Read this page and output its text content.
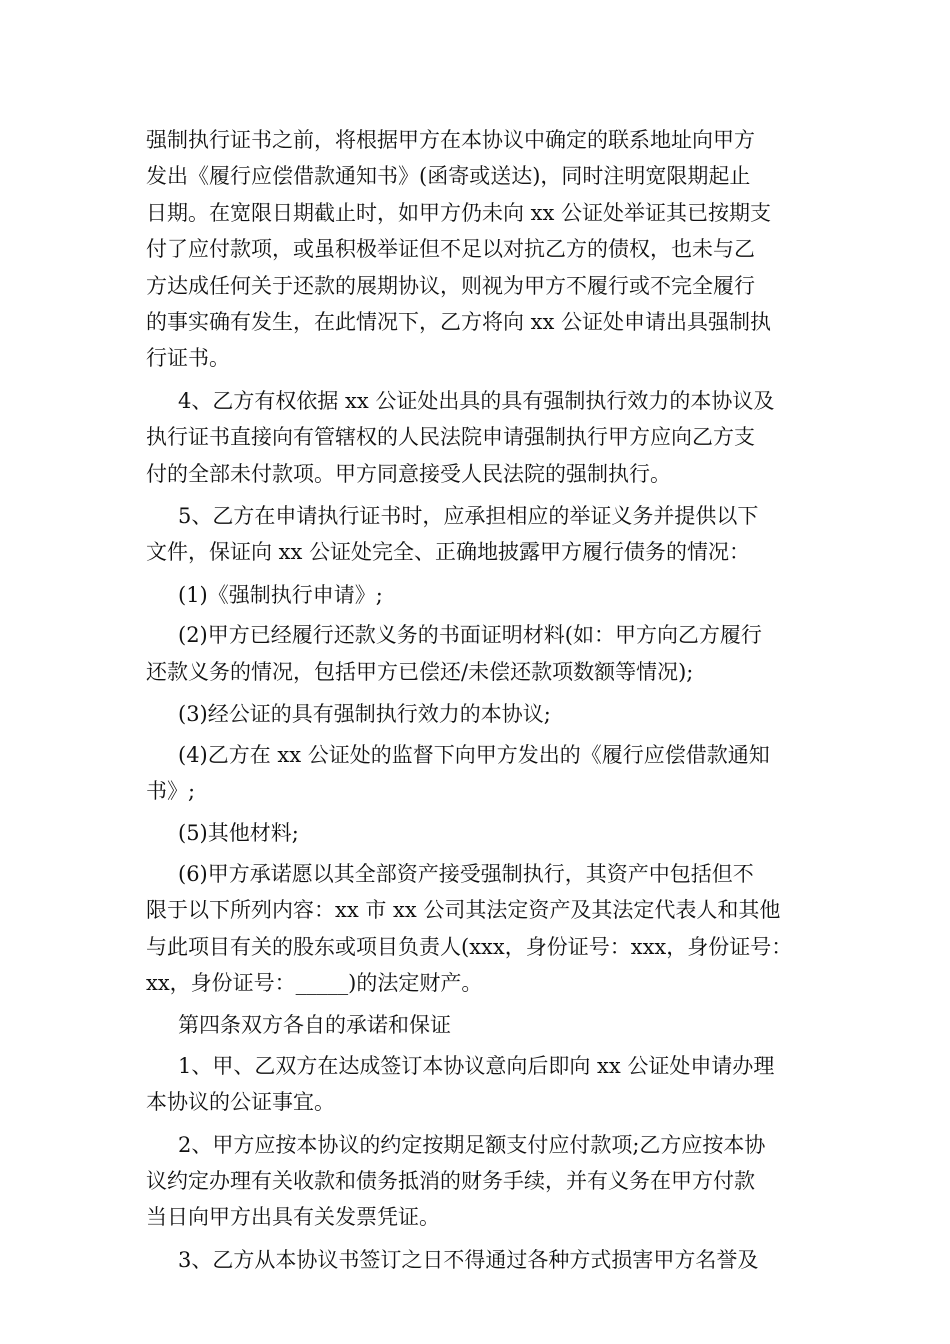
强制执行证书之前，将根据甲方在本协议中确定的联系地址向甲方
发出《履行应偿借款通知书》(函寄或送达)，同时注明宽限期起止
日期。在宽限日期截止时，如甲方仍未向 xx 公证处举证其已按期支
付了应付款项，或虽积极举证但不足以对抗乙方的债权，也未与乙
方达成任何关于还款的展期协议，则视为甲方不履行或不完全履行
的事实确有发生，在此情况下，乙方将向 xx 公证处申请出具强制执
行证书。
4、乙方有权依据 xx 公证处出具的具有强制执行效力的本协议及
执行证书直接向有管辖权的人民法院申请强制执行甲方应向乙方支
付的全部未付款项。甲方同意接受人民法院的强制执行。
5、乙方在申请执行证书时，应承担相应的举证义务并提供以下
文件，保证向 xx 公证处完全、正确地披露甲方履行债务的情况：
(1)《强制执行申请》;
(2)甲方已经履行还款义务的书面证明材料(如：甲方向乙方履行
还款义务的情况，包括甲方已偿还/未偿还款项数额等情况);
(3)经公证的具有强制执行效力的本协议;
(4)乙方在 xx 公证处的监督下向甲方发出的《履行应偿借款通知
书》;
(5)其他材料;
(6)甲方承诺愿以其全部资产接受强制执行，其资产中包括但不
限于以下所列内容：xx 市 xx 公司其法定资产及其法定代表人和其他
与此项目有关的股东或项目负责人(xxx，身份证号：xxx，身份证号：
xx，身份证号：_____)的法定财产。
第四条双方各自的承诺和保证
1、甲、乙双方在达成签订本协议意向后即向 xx 公证处申请办理
本协议的公证事宜。
2、甲方应按本协议的约定按期足额支付应付款项;乙方应按本协
议约定办理有关收款和债务抵消的财务手续，并有义务在甲方付款
当日向甲方出具有关发票凭证。
3、乙方从本协议书签订之日不得通过各种方式损害甲方名誉及
